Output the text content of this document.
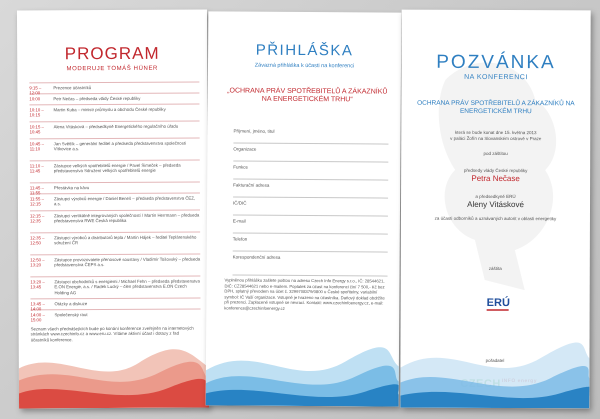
PROGRAM
MODERUJE TOMÁŠ HÜNER
9:15 – 12:00
Prezence účastníků
10:00	Petr Nečas – předseda vlády České republiky
10:10 – 10:15
Martin Kuba – ministr průmyslu a obchodu České republiky
10:15 – 10:45
Alena Vitásková – předsedkyně Energetického regulačního úřadu
10:45 – 11:10
Jan Světlík – generální ředitel a předseda představenstva společnosti Vítkovice a.s.
11:10 – 11:45
Zástupce velkých spotřebitelů energie / Pavel Šimeček – předseda představenstva Sdružení velkých spotřebitelů energie
11:45 – 11:55
Přestávka na kávu
11:55 – 12:15
Zástupci výrobců energie / Daniel Beneš – předseda představenstva ČEZ, a.s.
12:15 – 12:35
Zástupci vertikálně integrovaných společností / Martin Herrmann – předseda představenstva RWE Česká republika
12:35 – 12:50
Zástupci výrobců a distributorů tepla / Martin Hájek – ředitel Teplárenského sdružení ČR
12:50 – 13:20
Zástupce provozovatele přenosové soustavy / Vladimír Tošovský – předseda představenstva ČEPS a.s.
13:20 – 13:45
Zástupci obchodníků s energiemi / Michael Fehn – předseda představenstva E.ON Energie, a.s. / Radek Lucký – člen představenstva E.ON Czech Holding AG
13:45 – 14:00
Otázky a diskuze
14:00 – 15:00
Společenský raut
Seznam všech přednášejících bude po konání konference zveřejněn na internetových stránkách www.czechinfo.cz a www.eru.cz. Vítáme aktivní účast i dotazy z řad účastníků konference.
PŘIHLÁŠKA
Závazná přihláška k účasti na konferenci
„OCHRANA PRÁV SPOTŘEBITELŮ A ZÁKAZNÍKŮ NA ENERGETICKÉM TRHU“
Příjmení, jméno, titul
Organizace
Funkce
Fakturační adresa
IČ/DIČ
E-mail
Telefon
Korespondenční adresa
Vyplněnou přihlášku zašlete poštou na adresu Czech Info Energy s.r.o., IČ: 28544621, DIČ: CZ28544621 nebo e-mailem. Poplatek za účast na konferenci činí 7 500,- Kč bez DPH, splatný převodem na účet č. 3299708379/0800 u České spořitelny, variabilní symbol: IČ Vaší organizace. Vstupné je hrazeno na účastníka. Daňový doklad obdržíte při prezenci. Zaplacené vstupné se nevrací. Kontakt: www.czechinfoenergy.cz, e-mail: konference@czechinfoenergy.cz
POZVÁNKA
NA KONFERENCI
OCHRANA PRÁV SPOTŘEBITELŮ A ZÁKAZNÍKŮ NA ENERGETICKÉM TRHU
která se bude konat dne 15. května 2013
v paláci Žofín na Slovanském ostrově v Praze
pod záštitou
předsedy vlády České republiky
Petra Nečase
a předsedkyně ERÚ
Aleny Vitáskové
za účasti odborníků a uznávaných autorit v oblasti energetiky
záštita
ERÚ
pořadatel
